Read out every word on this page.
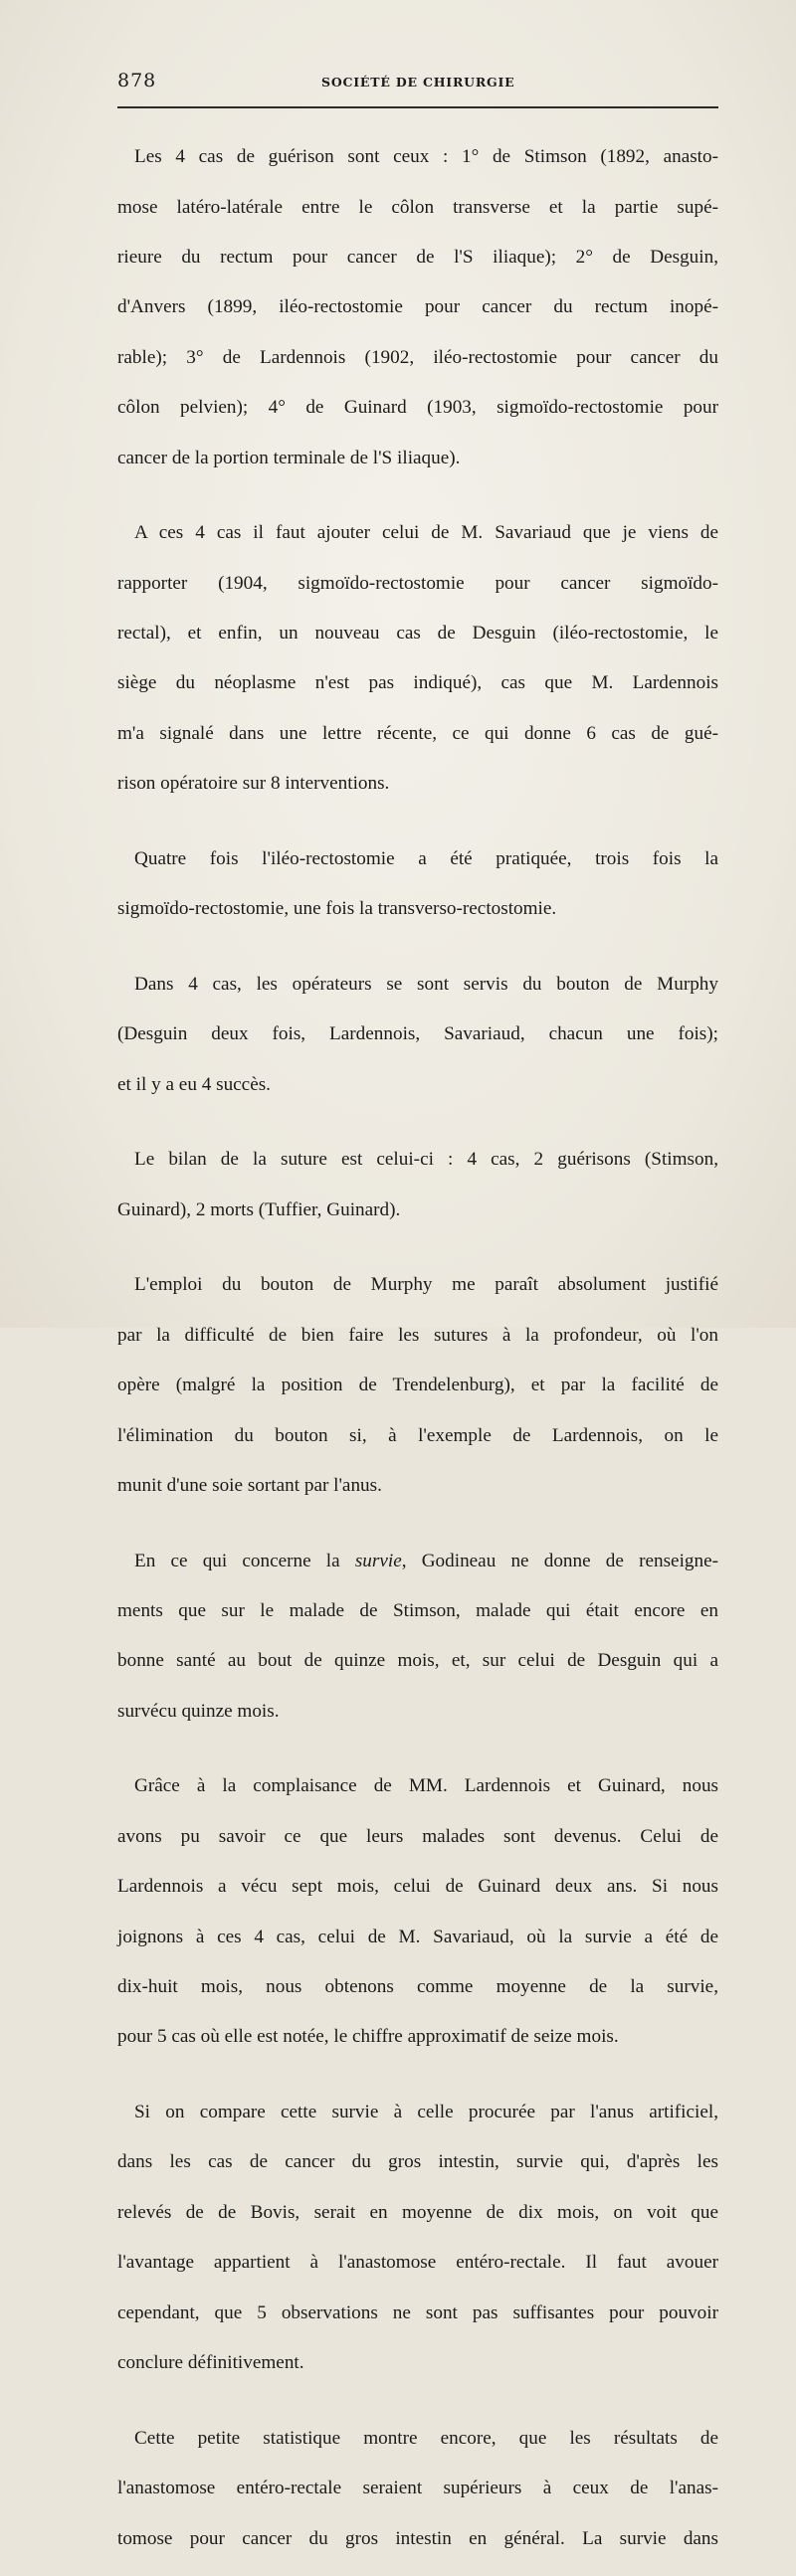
878	SOCIÉTÉ DE CHIRURGIE

Les 4 cas de guérison sont ceux : 1° de Stimson (1892, anasto-

mose latéro-latérale entre le côlon transverse et la partie supé-

rieure du rectum pour cancer de l'S iliaque); 2° de Desguin,

d'Anvers (1899, iléo-rectostomie pour cancer du rectum inopé-

rable); 3° de Lardennois (1902, iléo-rectostomie pour cancer du

côlon pelvien); 4° de Guinard (1903, sigmoïdo-rectostomie pour

cancer de la portion terminale de l'S iliaque).

A ces 4 cas il faut ajouter celui de M. Savariaud que je viens de

rapporter (1904, sigmoïdo-rectostomie pour cancer sigmoïdo-

rectal), et enfin, un nouveau cas de Desguin (iléo-rectostomie, le

siège du néoplasme n'est pas indiqué), cas que M. Lardennois

m'a signalé dans une lettre récente, ce qui donne 6 cas de gué-

rison opératoire sur 8 interventions.

Quatre fois l'iléo-rectostomie a été pratiquée, trois fois la

sigmoïdo-rectostomie, une fois la transverso-rectostomie.

Dans 4 cas, les opérateurs se sont servis du bouton de Murphy

(Desguin deux fois, Lardennois, Savariaud, chacun une fois);

et il y a eu 4 succès.

Le bilan de la suture est celui-ci : 4 cas, 2 guérisons (Stimson,

Guinard), 2 morts (Tuffier, Guinard).

L'emploi du bouton de Murphy me paraît absolument justifié

par la difficulté de bien faire les sutures à la profondeur, où l'on

opère (malgré la position de Trendelenburg), et par la facilité de

l'élimination du bouton si, à l'exemple de Lardennois, on le

munit d'une soie sortant par l'anus.

En ce qui concerne la survie, Godineau ne donne de renseigne-

ments que sur le malade de Stimson, malade qui était encore en

bonne santé au bout de quinze mois, et, sur celui de Desguin qui a

survécu quinze mois.

Grâce à la complaisance de MM. Lardennois et Guinard, nous

avons pu savoir ce que leurs malades sont devenus. Celui de

Lardennois a vécu sept mois, celui de Guinard deux ans. Si nous

joignons à ces 4 cas, celui de M. Savariaud, où la survie a été de

dix-huit mois, nous obtenons comme moyenne de la survie,

pour 5 cas où elle est notée, le chiffre approximatif de seize mois.

Si on compare cette survie à celle procurée par l'anus artificiel,

dans les cas de cancer du gros intestin, survie qui, d'après les

relevés de de Bovis, serait en moyenne de dix mois, on voit que

l'avantage appartient à l'anastomose entéro-rectale. Il faut avouer

cependant, que 5 observations ne sont pas suffisantes pour pouvoir

conclure définitivement.

Cette petite statistique montre encore, que les résultats de

l'anastomose entéro-rectale seraient supérieurs à ceux de l'anas-

tomose pour cancer du gros intestin en général. La survie dans
